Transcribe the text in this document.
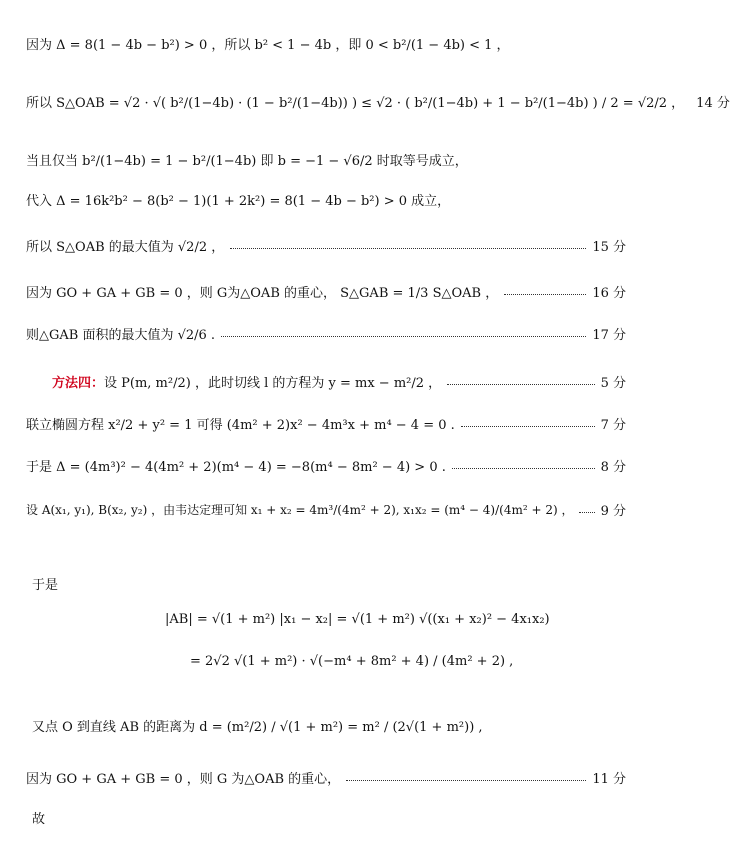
因为 Δ = 8(1 − 4b − b²) > 0 ，所以 b² < 1 − 4b ，即 0 < b²/(1 − 4b) < 1 ，
所以 S△OAB = √2 · √( b²/(1−4b) · (1 − b²/(1−4b)) ) ≤ √2 · ( b²/(1−4b) + 1 − b²/(1−4b) ) / 2 = √2/2 ， 14 分
当且仅当 b²/(1−4b) = 1 − b²/(1−4b) 即 b = −1 − √6/2 时取等号成立，
代入 Δ = 16k²b² − 8(b² − 1)(1 + 2k²) = 8(1 − 4b − b²) > 0 成立，
所以 S△OAB 的最大值为 √2/2 ，	15 分
因为 GO + GA + GB = 0 ，则 G为△OAB 的重心， S△GAB = 1/3 S△OAB ，	16 分
则△GAB 面积的最大值为 √2/6 .	17 分
方法四： 设 P(m, m²/2) ，此时切线 l 的方程为 y = mx − m²/2 ，	5 分
联立椭圆方程 x²/2 + y² = 1 可得 (4m² + 2)x² − 4m³x + m⁴ − 4 = 0 .	7 分
于是 Δ = (4m³)² − 4(4m² + 2)(m⁴ − 4) = −8(m⁴ − 8m² − 4) > 0 .	8 分
设 A(x₁, y₁), B(x₂, y₂) ，由韦达定理可知 x₁ + x₂ = 4m³/(4m² + 2), x₁x₂ = (m⁴ − 4)/(4m² + 2) ， 9 分
于是
|AB| = √(1 + m²) |x₁ − x₂| = √(1 + m²) √((x₁ + x₂)² − 4x₁x₂)
= 2√2 √(1 + m²) · √(−m⁴ + 8m² + 4) / (4m² + 2) ,
又点 O 到直线 AB 的距离为 d = (m²/2) / √(1 + m²) = m² / (2√(1 + m²)) ,
因为 GO + GA + GB = 0 ，则 G 为△OAB 的重心，	11 分
故
